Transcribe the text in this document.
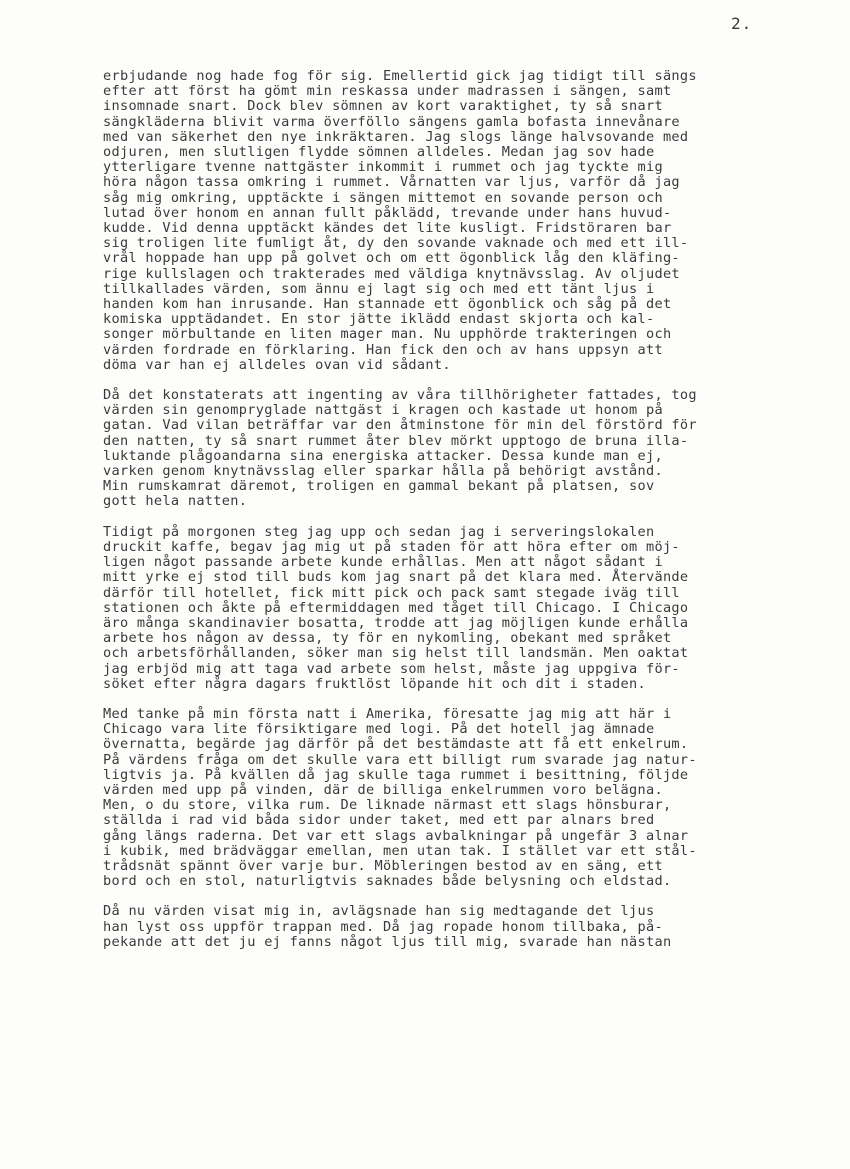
2.
erbjudande nog hade fog för sig. Emellertid gick jag tidigt till sängs
efter att först ha gömt min reskassa under madrassen i sängen, samt
insomnade snart. Dock blev sömnen av kort varaktighet, ty så snart
sängkläderna blivit varma överföllo sängens gamla bofasta innevånare
med van säkerhet den nye inkräktaren. Jag slogs länge halvsovande med
odjuren, men slutligen flydde sömnen alldeles. Medan jag sov hade
ytterligare tvenne nattgäster inkommit i rummet och jag tyckte mig
höra någon tassa omkring i rummet. Vårnatten var ljus, varför då jag
såg mig omkring, upptäckte i sängen mittemot en sovande person och
lutad över honom en annan fullt påklädd, trevande under hans huvud-
kudde. Vid denna upptäckt kändes det lite kusligt. Fridstöraren bar
sig troligen lite fumligt åt, dy den sovande vaknade och med ett ill-
vrål hoppade han upp på golvet och om ett ögonblick låg den kläfing-
rige kullslagen och trakterades med väldiga knytnävsslag. Av oljudet
tillkallades värden, som ännu ej lagt sig och med ett tänt ljus i
handen kom han inrusande. Han stannade ett ögonblick och såg på det
komiska upptädandet. En stor jätte iklädd endast skjorta och kal-
songer mörbultande en liten mager man. Nu upphörde trakteringen och
värden fordrade en förklaring. Han fick den och av hans uppsyn att
döma var han ej alldeles ovan vid sådant.
Då det konstaterats att ingenting av våra tillhörigheter fattades, tog
värden sin genompryglade nattgäst i kragen och kastade ut honom på
gatan. Vad vilan beträffar var den åtminstone för min del förstörd för
den natten, ty så snart rummet åter blev mörkt upptogo de bruna illa-
luktande plågoandarna sina energiska attacker. Dessa kunde man ej,
varken genom knytnävsslag eller sparkar hålla på behörigt avstånd.
Min rumskamrat däremot, troligen en gammal bekant på platsen, sov
gott hela natten.
Tidigt på morgonen steg jag upp och sedan jag i serveringslokalen
druckit kaffe, begav jag mig ut på staden för att höra efter om möj-
ligen något passande arbete kunde erhållas. Men att något sådant i
mitt yrke ej stod till buds kom jag snart på det klara med. Återvände
därför till hotellet, fick mitt pick och pack samt stegade iväg till
stationen och åkte på eftermiddagen med tåget till Chicago. I Chicago
äro många skandinavier bosatta, trodde att jag möjligen kunde erhålla
arbete hos någon av dessa, ty för en nykomling, obekant med språket
och arbetsförhållanden, söker man sig helst till landsmän. Men oaktat
jag erbjöd mig att taga vad arbete som helst, måste jag uppgiva för-
söket efter några dagars fruktlöst löpande hit och dit i staden.
Med tanke på min första natt i Amerika, föresatte jag mig att här i
Chicago vara lite försiktigare med logi. På det hotell jag ämnade
övernatta, begärde jag därför på det bestämdaste att få ett enkelrum.
På värdens fråga om det skulle vara ett billigt rum svarade jag natur-
ligtvis ja. På kvällen då jag skulle taga rummet i besittning, följde
värden med upp på vinden, där de billiga enkelrummen voro belägna.
Men, o du store, vilka rum. De liknade närmast ett slags hönsburar,
ställda i rad vid båda sidor under taket, med ett par alnars bred
gång längs raderna. Det var ett slags avbalkningar på ungefär 3 alnar
i kubik, med brädväggar emellan, men utan tak. I stället var ett stål-
trådsnät spännt över varje bur. Möbleringen bestod av en säng, ett
bord och en stol, naturligtvis saknades både belysning och eldstad.
Då nu värden visat mig in, avlägsnade han sig medtagande det ljus
han lyst oss uppför trappan med. Då jag ropade honom tillbaka, på-
pekande att det ju ej fanns något ljus till mig, svarade han nästan
